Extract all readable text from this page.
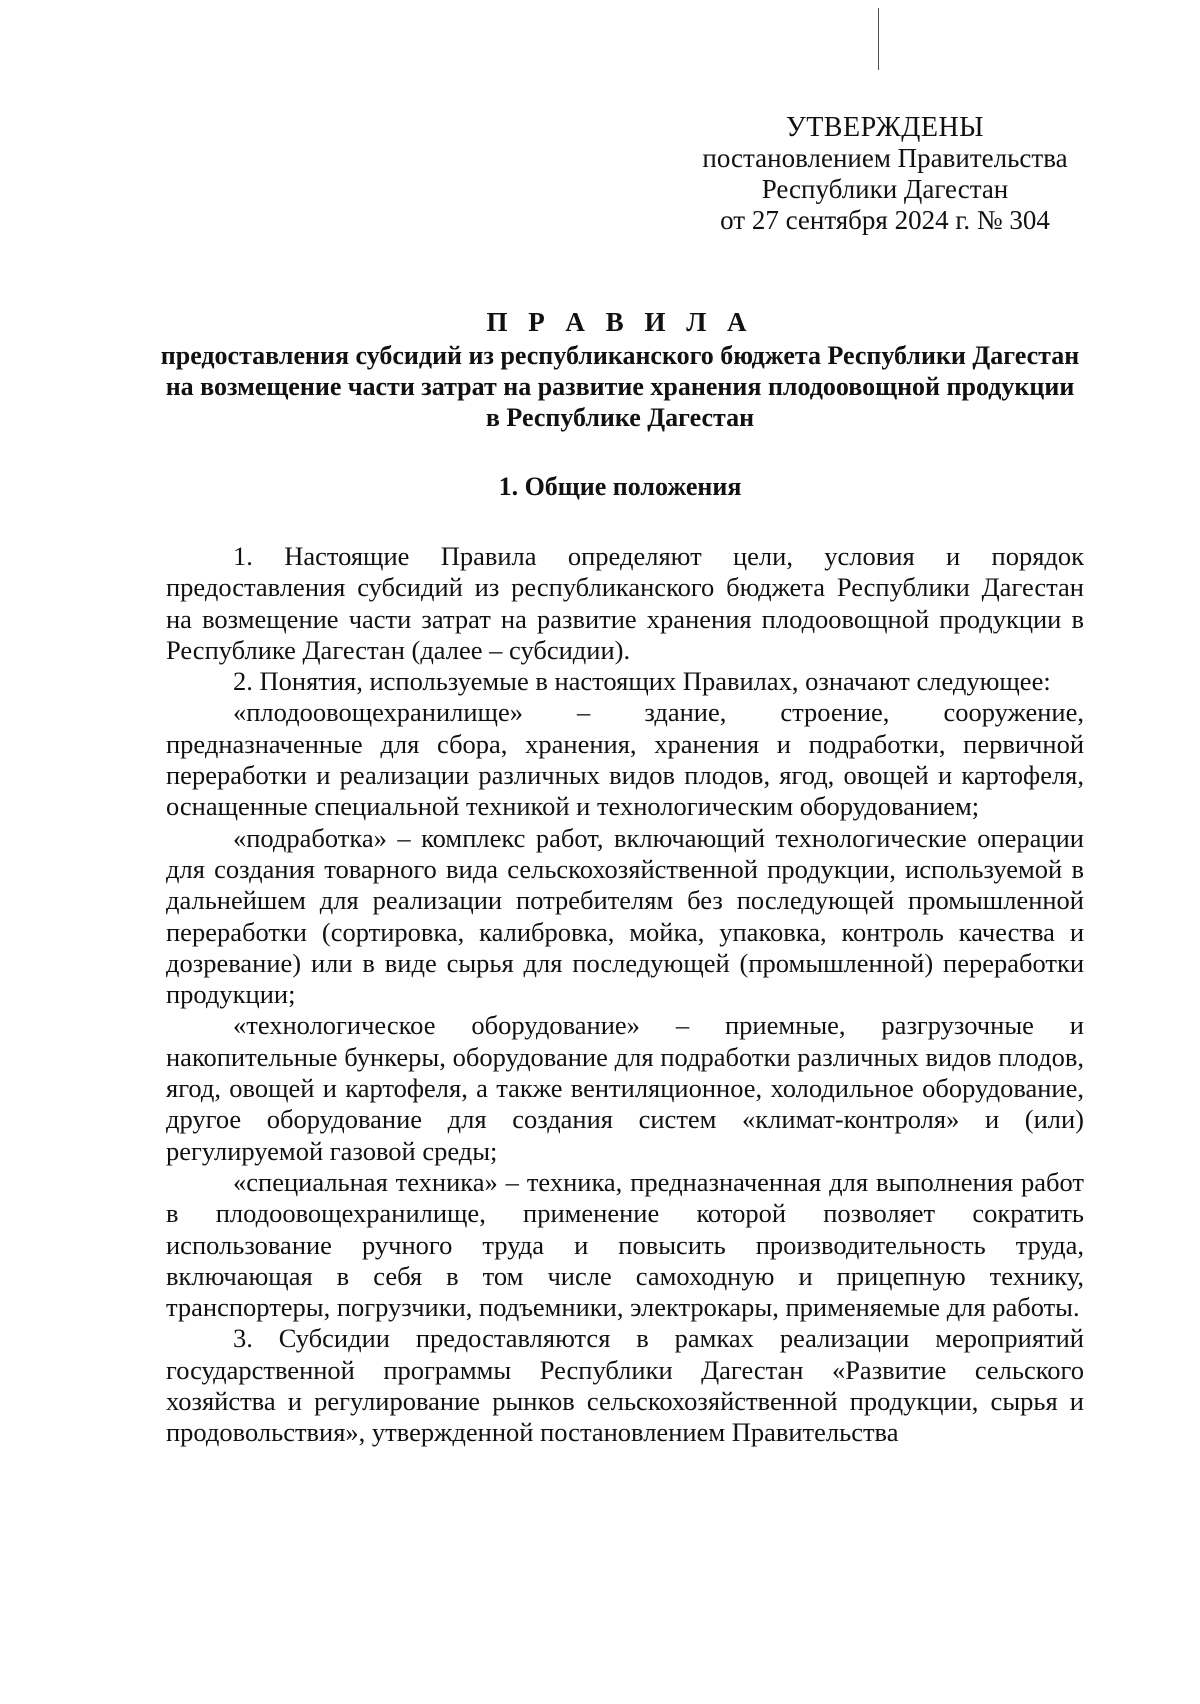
УТВЕРЖДЕНЫ
постановлением Правительства
Республики Дагестан
от 27 сентября 2024 г. № 304
П Р А В И Л А
предоставления субсидий из республиканского бюджета Республики Дагестан на возмещение части затрат на развитие хранения плодоовощной продукции в Республике Дагестан
1. Общие положения

1. Настоящие Правила определяют цели, условия и порядок предоставления субсидий из республиканского бюджета Республики Дагестан на возмещение части затрат на развитие хранения плодоовощной продукции в Республике Дагестан (далее – субсидии).

2. Понятия, используемые в настоящих Правилах, означают следующее:

«плодоовощехранилище» – здание, строение, сооружение, предназначенные для сбора, хранения, хранения и подработки, первичной переработки и реализации различных видов плодов, ягод, овощей и картофеля, оснащенные специальной техникой и технологическим оборудованием;

«подработка» – комплекс работ, включающий технологические операции для создания товарного вида сельскохозяйственной продукции, используемой в дальнейшем для реализации потребителям без последующей промышленной переработки (сортировка, калибровка, мойка, упаковка, контроль качества и дозревание) или в виде сырья для последующей (промышленной) переработки продукции;

«технологическое оборудование» – приемные, разгрузочные и накопительные бункеры, оборудование для подработки различных видов плодов, ягод, овощей и картофеля, а также вентиляционное, холодильное оборудование, другое оборудование для создания систем «климат-контроля» и (или) регулируемой газовой среды;

«специальная техника» – техника, предназначенная для выполнения работ в плодоовощехранилище, применение которой позволяет сократить использование ручного труда и повысить производительность труда, включающая в себя в том числе самоходную и прицепную технику, транспортеры, погрузчики, подъемники, электрокары, применяемые для работы.

3. Субсидии предоставляются в рамках реализации мероприятий государственной программы Республики Дагестан «Развитие сельского хозяйства и регулирование рынков сельскохозяйственной продукции, сырья и продовольствия», утвержденной постановлением Правительства
